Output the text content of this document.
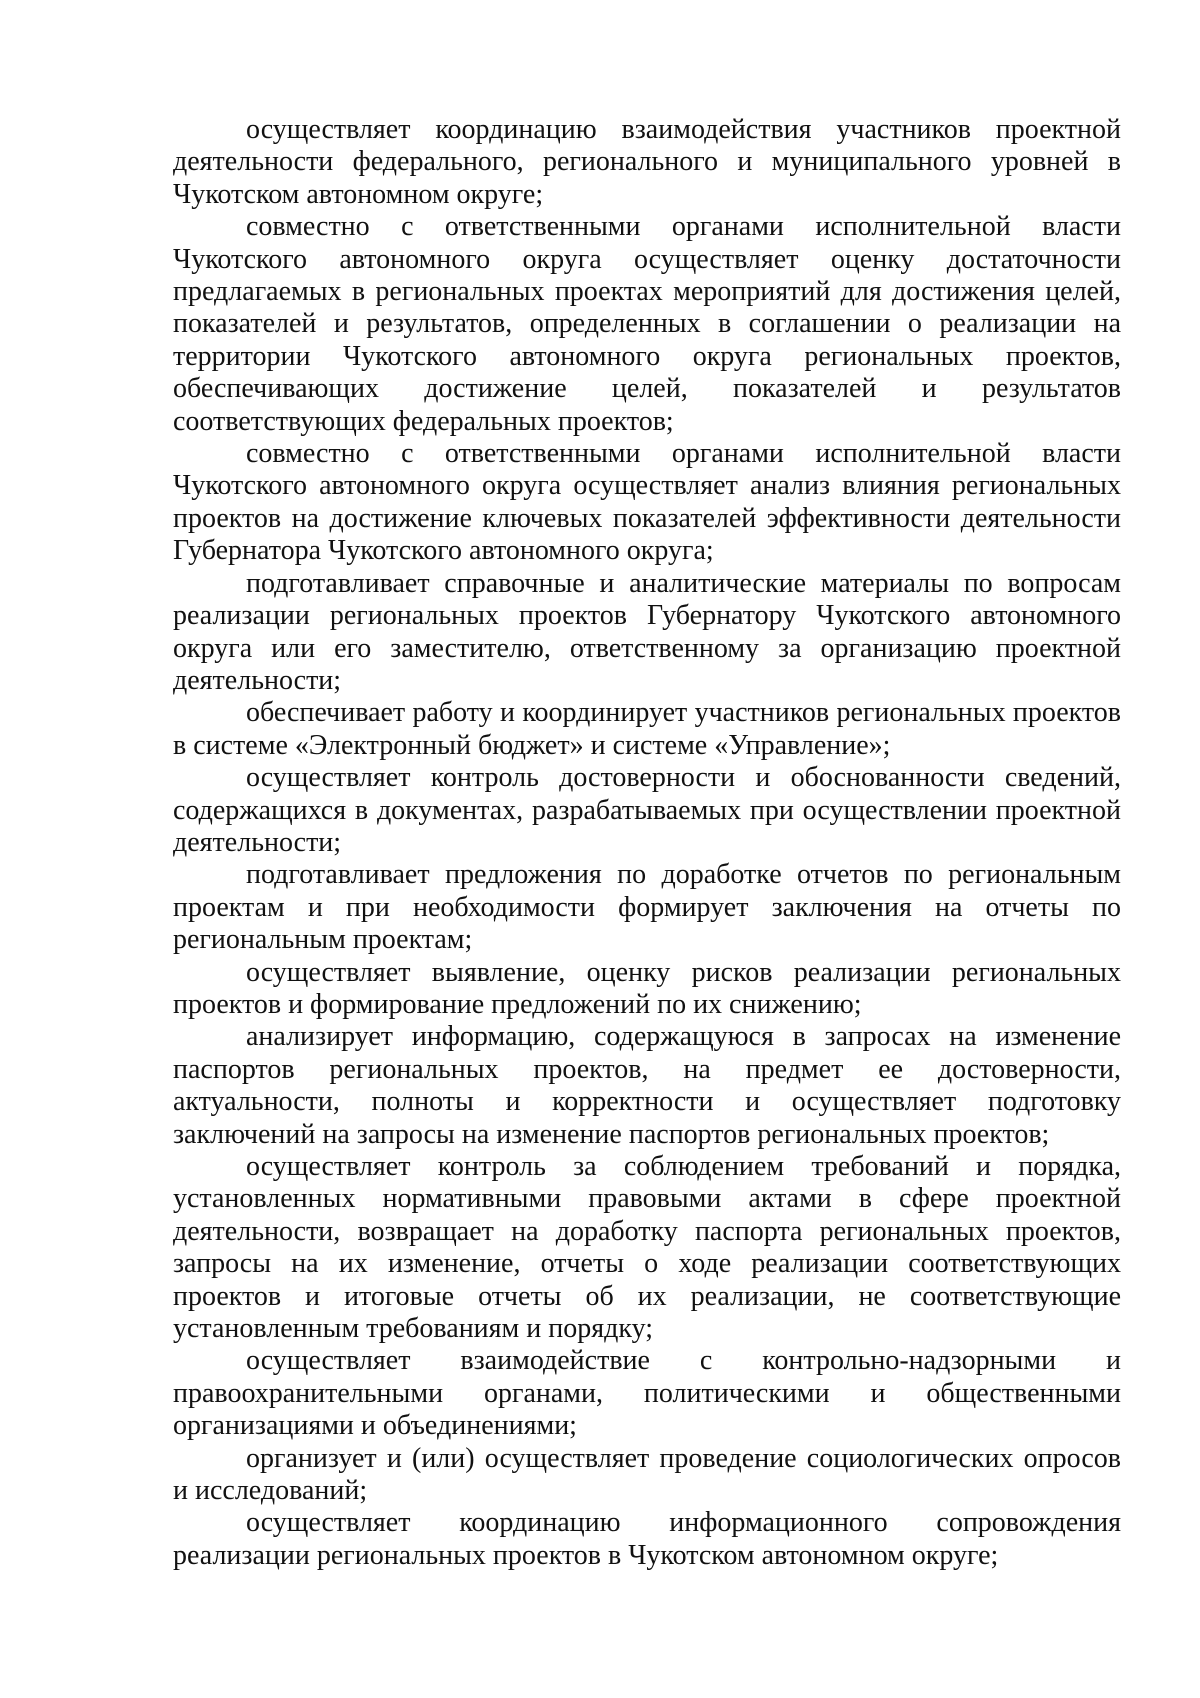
осуществляет координацию взаимодействия участников проектной деятельности федерального, регионального и муниципального уровней в Чукотском автономном округе;

совместно с ответственными органами исполнительной власти Чукотского автономного округа осуществляет оценку достаточности предлагаемых в региональных проектах мероприятий для достижения целей, показателей и результатов, определенных в соглашении о реализации на территории Чукотского автономного округа региональных проектов, обеспечивающих достижение целей, показателей и результатов соответствующих федеральных проектов;

совместно с ответственными органами исполнительной власти Чукотского автономного округа осуществляет анализ влияния региональных проектов на достижение ключевых показателей эффективности деятельности Губернатора Чукотского автономного округа;

подготавливает справочные и аналитические материалы по вопросам реализации региональных проектов Губернатору Чукотского автономного округа или его заместителю, ответственному за организацию проектной деятельности;

обеспечивает работу и координирует участников региональных проектов в системе «Электронный бюджет» и системе «Управление»;

осуществляет контроль достоверности и обоснованности сведений, содержащихся в документах, разрабатываемых при осуществлении проектной деятельности;

подготавливает предложения по доработке отчетов по региональным проектам и при необходимости формирует заключения на отчеты по региональным проектам;

осуществляет выявление, оценку рисков реализации региональных проектов и формирование предложений по их снижению;

анализирует информацию, содержащуюся в запросах на изменение паспортов региональных проектов, на предмет ее достоверности, актуальности, полноты и корректности и осуществляет подготовку заключений на запросы на изменение паспортов региональных проектов;

осуществляет контроль за соблюдением требований и порядка, установленных нормативными правовыми актами в сфере проектной деятельности, возвращает на доработку паспорта региональных проектов, запросы на их изменение, отчеты о ходе реализации соответствующих проектов и итоговые отчеты об их реализации, не соответствующие установленным требованиям и порядку;

осуществляет взаимодействие с контрольно-надзорными и правоохранительными органами, политическими и общественными организациями и объединениями;

организует и (или) осуществляет проведение социологических опросов и исследований;

осуществляет координацию информационного сопровождения реализации региональных проектов в Чукотском автономном округе;
